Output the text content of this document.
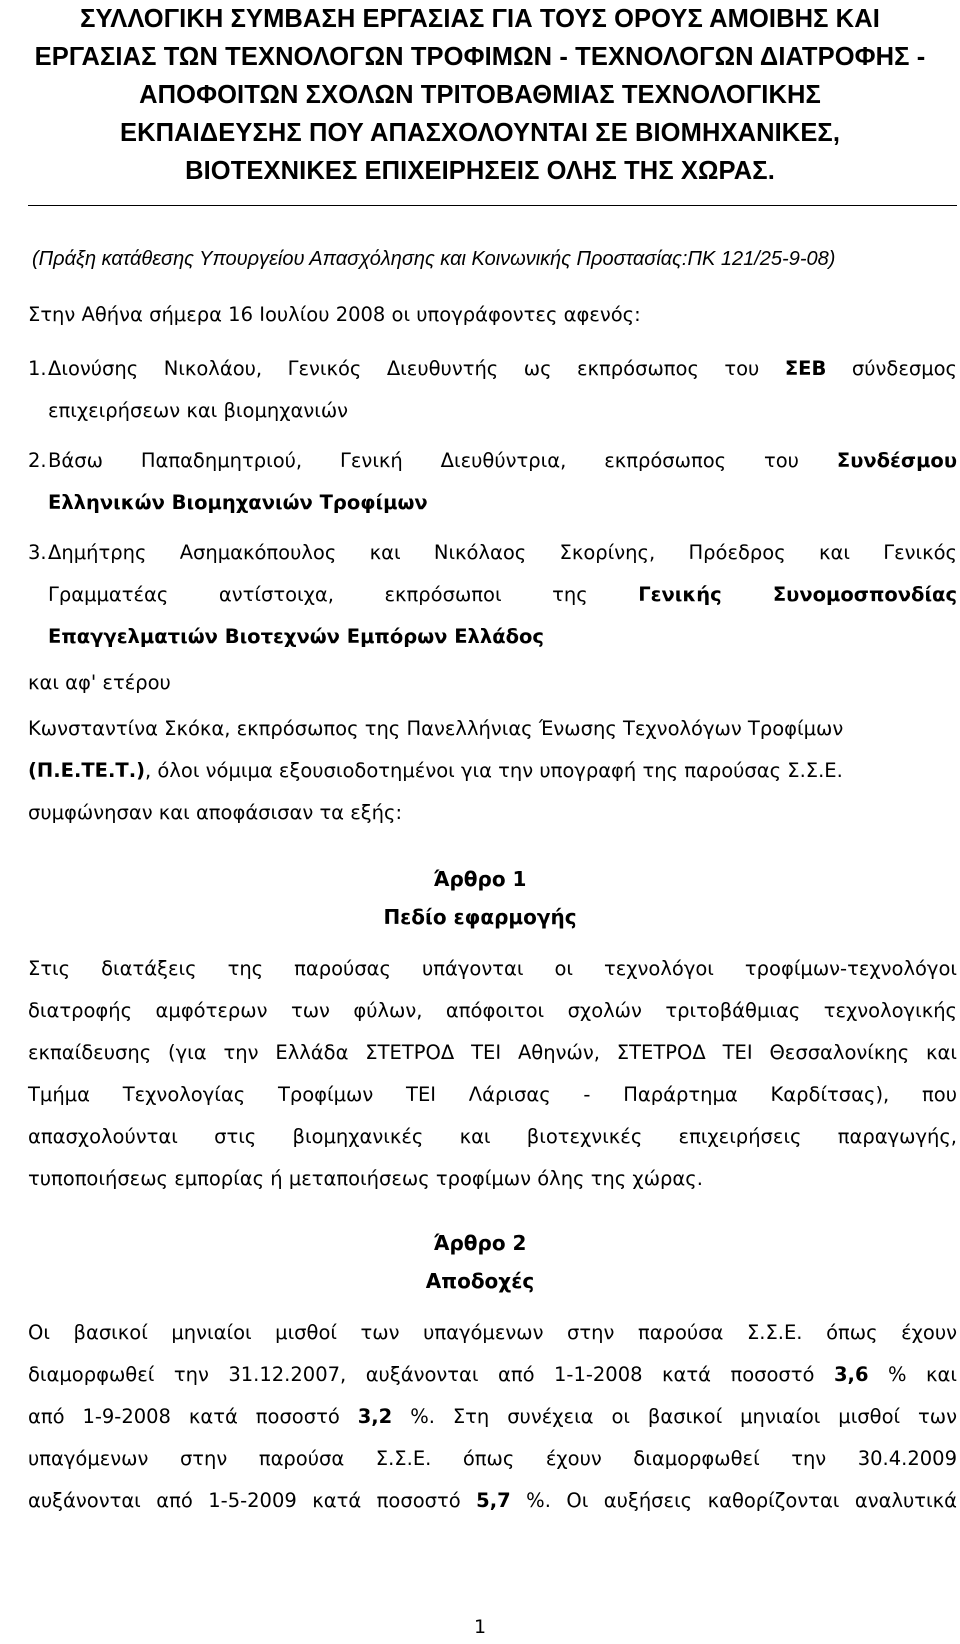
ΣΥΛΛΟΓΙΚΗ ΣΥΜΒΑΣΗ ΕΡΓΑΣΙΑΣ ΓΙΑ ΤΟΥΣ ΟΡΟΥΣ ΑΜΟΙΒΗΣ ΚΑΙ
ΕΡΓΑΣΙΑΣ ΤΩΝ ΤΕΧΝΟΛΟΓΩΝ ΤΡΟΦΙΜΩΝ - ΤΕΧΝΟΛΟΓΩΝ ΔΙΑΤΡΟΦΗΣ -
ΑΠΟΦΟΙΤΩΝ ΣΧΟΛΩΝ ΤΡΙΤΟΒΑΘΜΙΑΣ ΤΕΧΝΟΛΟΓΙΚΗΣ
ΕΚΠΑΙΔΕΥΣΗΣ ΠΟΥ ΑΠΑΣΧΟΛΟΥΝΤΑΙ ΣΕ ΒΙΟΜΗΧΑΝΙΚΕΣ,
ΒΙΟΤΕΧΝΙΚΕΣ ΕΠΙΧΕΙΡΗΣΕΙΣ ΟΛΗΣ ΤΗΣ ΧΩΡΑΣ.
(Πράξη κατάθεσης Υπουργείου Απασχόλησης και Κοινωνικής Προστασίας:ΠΚ 121/25-9-08)
Στην Αθήνα σήμερα 16 Ιουλίου 2008 οι υπογράφοντες αφενός:
1. Διονύσης Νικολάου, Γενικός Διευθυντής ως εκπρόσωπος του ΣΕΒ σύνδεσμος
επιχειρήσεων και βιομηχανιών
2. Βάσω Παπαδημητριού, Γενική Διευθύντρια, εκπρόσωπος του Συνδέσμου
Ελληνικών Βιομηχανιών Τροφίμων
3. Δημήτρης Ασημακόπουλος και Νικόλαος Σκορίνης, Πρόεδρος και Γενικός
Γραμματέας αντίστοιχα, εκπρόσωποι της	Γενικής Συνομοσπονδίας
Επαγγελματιών Βιοτεχνών Εμπόρων Ελλάδος
και αφ' ετέρου
Κωνσταντίνα Σκόκα, εκπρόσωπος της Πανελλήνιας Ένωσης Τεχνολόγων Τροφίμων
(Π.Ε.ΤΕ.Τ.), όλοι νόμιμα εξουσιοδοτημένοι για την υπογραφή της παρούσας Σ.Σ.Ε.
συμφώνησαν και αποφάσισαν τα εξής:
Άρθρο 1
Πεδίο εφαρμογής
Στις διατάξεις της παρούσας υπάγονται οι τεχνολόγοι τροφίμων-τεχνολόγοι
διατροφής αμφότερων των φύλων, απόφοιτοι σχολών τριτοβάθμιας τεχνολογικής
εκπαίδευσης (για την Ελλάδα ΣΤΕΤΡΟΔ ΤΕΙ Αθηνών, ΣΤΕΤΡΟΔ ΤΕΙ Θεσσαλονίκης και
Τμήμα Τεχνολογίας Τροφίμων ΤΕΙ Λάρισας - Παράρτημα Καρδίτσας), που
απασχολούνται στις βιομηχανικές και βιοτεχνικές επιχειρήσεις παραγωγής,
τυποποιήσεως εμπορίας ή μεταποιήσεως τροφίμων όλης της χώρας.
Άρθρο 2
Αποδοχές
Οι βασικοί μηνιαίοι μισθοί των υπαγόμενων στην παρούσα Σ.Σ.Ε. όπως έχουν
διαμορφωθεί την 31.12.2007, αυξάνονται από 1-1-2008 κατά ποσοστό 3,6 % και
από 1-9-2008 κατά ποσοστό 3,2 %. Στη συνέχεια οι βασικοί μηνιαίοι μισθοί των
υπαγόμενων στην παρούσα Σ.Σ.Ε. όπως έχουν διαμορφωθεί την 30.4.2009
αυξάνονται από 1-5-2009 κατά ποσοστό 5,7 %. Οι αυξήσεις καθορίζονται αναλυτικά
1
